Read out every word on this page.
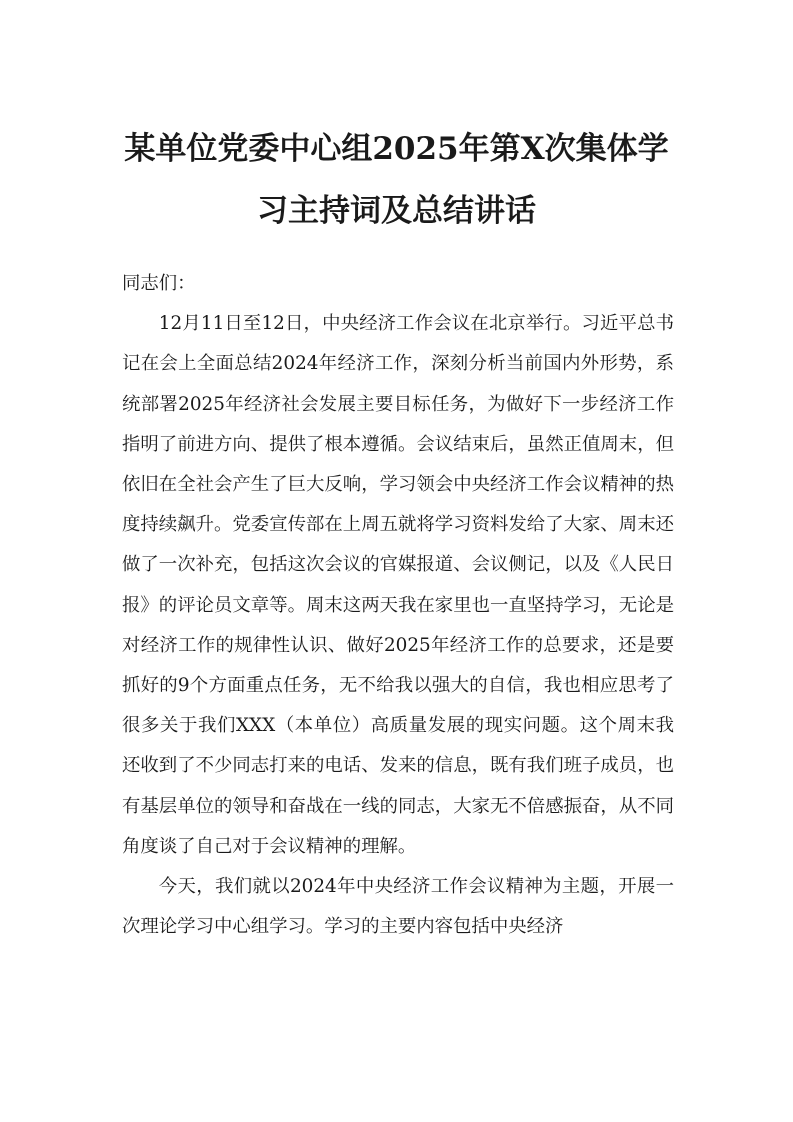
某单位党委中心组2025年第X次集体学习主持词及总结讲话

同志们：

12月11日至12日，中央经济工作会议在北京举行。习近平总书记在会上全面总结2024年经济工作，深刻分析当前国内外形势，系统部署2025年经济社会发展主要目标任务，为做好下一步经济工作指明了前进方向、提供了根本遵循。会议结束后，虽然正值周末，但依旧在全社会产生了巨大反响，学习领会中央经济工作会议精神的热度持续飙升。党委宣传部在上周五就将学习资料发给了大家、周末还做了一次补充，包括这次会议的官媒报道、会议侧记，以及《人民日报》的评论员文章等。周末这两天我在家里也一直坚持学习，无论是对经济工作的规律性认识、做好2025年经济工作的总要求，还是要抓好的9个方面重点任务，无不给我以强大的自信，我也相应思考了很多关于我们XXX（本单位）高质量发展的现实问题。这个周末我还收到了不少同志打来的电话、发来的信息，既有我们班子成员，也有基层单位的领导和奋战在一线的同志，大家无不倍感振奋，从不同角度谈了自己对于会议精神的理解。

今天，我们就以2024年中央经济工作会议精神为主题，开展一次理论学习中心组学习。学习的主要内容包括中央经济
